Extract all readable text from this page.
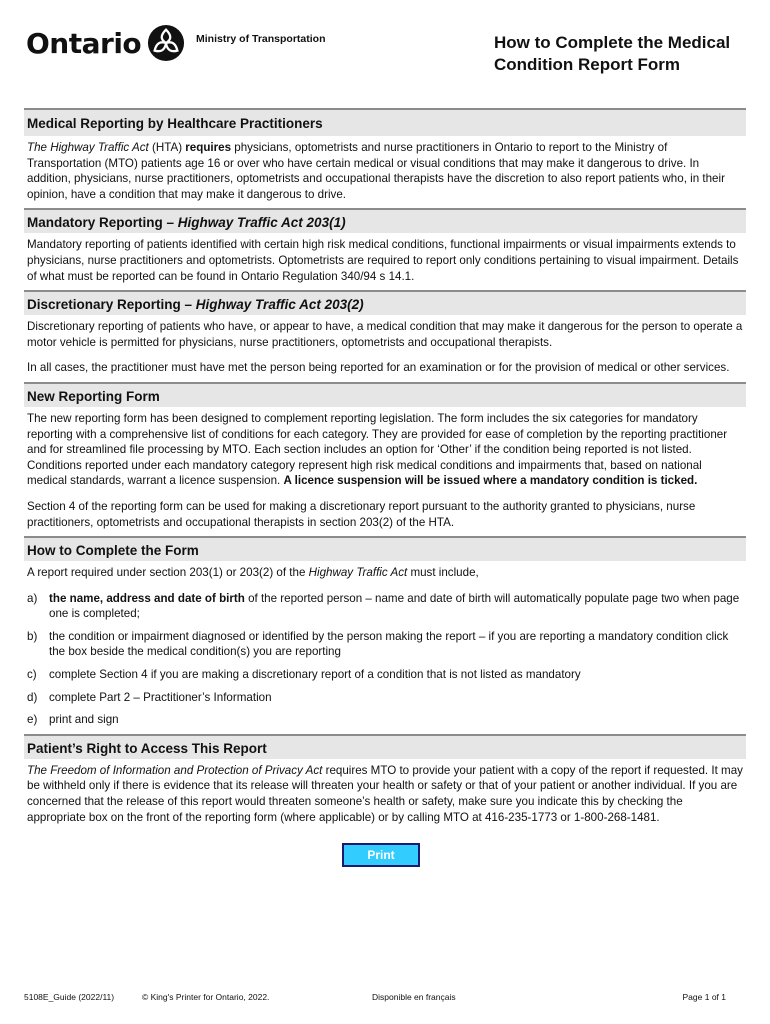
Ontario	Ministry of Transportation	How to Complete the Medical
Condition Report Form
Medical Reporting by Healthcare Practitioners

The Highway Traffic Act (HTA) requires physicians, optometrists and nurse practitioners in Ontario to report to the Ministry of Transportation (MTO) patients age 16 or over who have certain medical or visual conditions that may make it dangerous to drive. In addition, physicians, nurse practitioners, optometrists and occupational therapists have the discretion to also report patients who, in their opinion, have a condition that may make it dangerous to drive.

Mandatory Reporting – Highway Traffic Act 203(1)

Mandatory reporting of patients identified with certain high risk medical conditions, functional impairments or visual impairments extends to physicians, nurse practitioners and optometrists. Optometrists are required to report only conditions pertaining to visual impairment. Details of what must be reported can be found in Ontario Regulation 340/94 s 14.1.

Discretionary Reporting – Highway Traffic Act 203(2)

Discretionary reporting of patients who have, or appear to have, a medical condition that may make it dangerous for the person to operate a motor vehicle is permitted for physicians, nurse practitioners, optometrists and occupational therapists.

In all cases, the practitioner must have met the person being reported for an examination or for the provision of medical or other services.

New Reporting Form

The new reporting form has been designed to complement reporting legislation. The form includes the six categories for mandatory reporting with a comprehensive list of conditions for each category. They are provided for ease of completion by the reporting practitioner and for streamlined file processing by MTO. Each section includes an option for ‘Other’ if the condition being reported is not listed. Conditions reported under each mandatory category represent high risk medical conditions and impairments that, based on national medical standards, warrant a licence suspension. A licence suspension will be issued where a mandatory condition is ticked.

Section 4 of the reporting form can be used for making a discretionary report pursuant to the authority granted to physicians, nurse practitioners, optometrists and occupational therapists in section 203(2) of the HTA.

How to Complete the Form

A report required under section 203(1) or 203(2) of the Highway Traffic Act must include,

a)	the name, address and date of birth of the reported person – name and date of birth will automatically populate page two when page one is completed;
b)	the condition or impairment diagnosed or identified by the person making the report – if you are reporting a mandatory condition click the box beside the medical condition(s) you are reporting
c)	complete Section 4 if you are making a discretionary report of a condition that is not listed as mandatory
d)	complete Part 2 – Practitioner’s Information
e)	print and sign
Patient’s Right to Access This Report

The Freedom of Information and Protection of Privacy Act requires MTO to provide your patient with a copy of the report if requested. It may be withheld only if there is evidence that its release will threaten your health or safety or that of your patient or another individual. If you are concerned that the release of this report would threaten someone’s health or safety, make sure you indicate this by checking the appropriate box on the front of the reporting form (where applicable) or by calling MTO at 416-235-1773 or 1-800-268-1481.

Print
5108E_Guide (2022/11)	© King's Printer for Ontario, 2022.	Disponible en français	Page 1 of 1
